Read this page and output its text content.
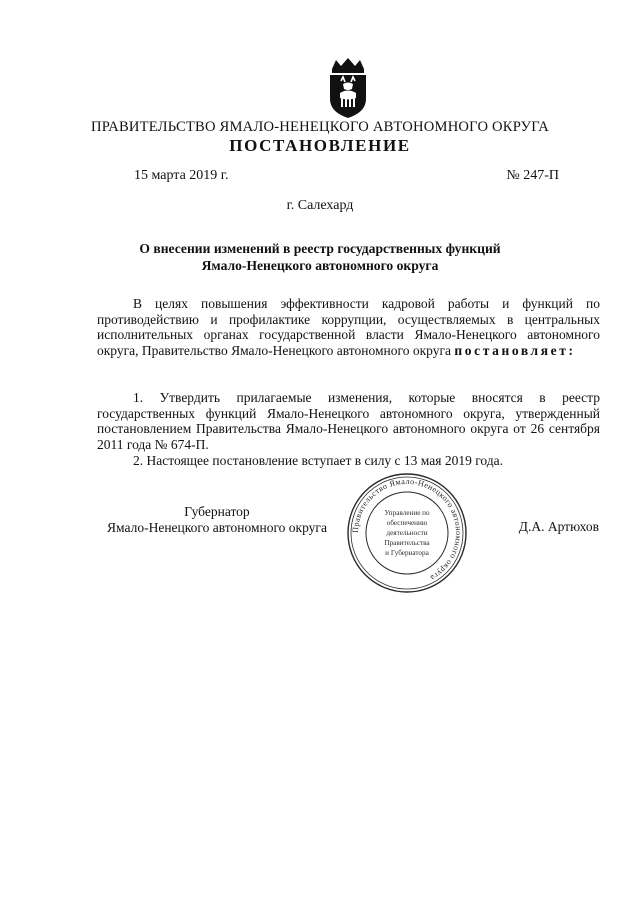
ПРАВИТЕЛЬСТВО ЯМАЛО-НЕНЕЦКОГО АВТОНОМНОГО ОКРУГА
ПОСТАНОВЛЕНИЕ
15 марта 2019 г.	№ 247-П
г. Салехард
О внесении изменений в реестр государственных функций
Ямало-Ненецкого автономного округа

В целях повышения эффективности кадровой работы и функций по противодействию и профилактике коррупции, осуществляемых в центральных исполнительных органах государственной власти Ямало-Ненецкого автономного округа, Правительство Ямало-Ненецкого автономного округа постановляет:

1. Утвердить прилагаемые изменения, которые вносятся в реестр государственных функций Ямало-Ненецкого автономного округа, утвержденный постановлением Правительства Ямало-Ненецкого автономного округа от 26 сентября 2011 года № 674-П.

2. Настоящее постановление вступает в силу с 13 мая 2019 года.

Губернатор
Ямало-Ненецкого автономного округа	Д.А. Артюхов
Правительство Ямало-Ненецкого автономного округа
Управление по
обеспечению
деятельности
Правительства
и Губернатора
